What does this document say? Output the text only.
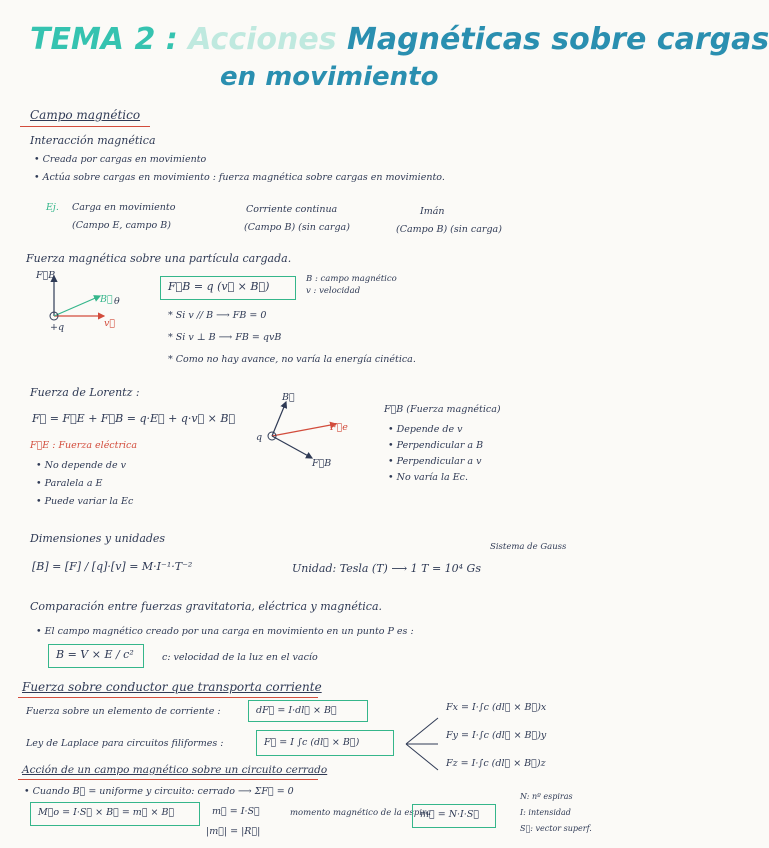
TEMA 2 : Acciones Magnéticas sobre cargas
en movimiento
Campo magnético
Interacción magnética
• Creada por cargas en movimiento
• Actúa sobre cargas en movimiento : fuerza magnética sobre cargas en movimiento.
Ej. Carga en movimiento
(Campo E, campo B)
Corriente continua
(Campo B) (sin carga)
Imán
(Campo B) (sin carga)
Fuerza magnética sobre una partícula cargada.
F⃗B
B⃗ θ
v⃗
+q
F⃗B = q (v⃗ × B⃗)
B : campo magnético
v : velocidad
* Si v // B ⟶ FB = 0
* Si v ⊥ B ⟶ FB = qvB
* Como no hay avance, no varía la energía cinética.
Fuerza de Lorentz :
F⃗ = F⃗E + F⃗B = q·E⃗ + q·v⃗ × B⃗
F⃗E : Fuerza eléctrica
• No depende de v
• Paralela a E
• Puede variar la Ec
B⃗
F⃗e
F⃗B
q
F⃗B (Fuerza magnética)
• Depende de v
• Perpendicular a B
• Perpendicular a v
• No varía la Ec.
Dimensiones y unidades
Sistema de Gauss
[B] = [F] / [q]·[v] = M·I⁻¹·T⁻²	Unidad: Tesla (T) ⟶ 1 T = 10⁴ Gs
Comparación entre fuerzas gravitatoria, eléctrica y magnética.
• El campo magnético creado por una carga en movimiento en un punto P es :
B = V × E / c²	c: velocidad de la luz en el vacío
Fuerza sobre conductor que transporta corriente
Fuerza sobre un elemento de corriente :	dF⃗ = I·dl⃗ × B⃗
Ley de Laplace para circuitos filiformes :	F⃗ = I ∫c (dl⃗ × B⃗)
Fx = I·∫c (dl⃗ × B⃗)x
Fy = I·∫c (dl⃗ × B⃗)y
Fz = I·∫c (dl⃗ × B⃗)z
Acción de un campo magnético sobre un circuito cerrado
• Cuando B⃗ = uniforme y circuito: cerrado ⟶ ΣF⃗ = 0
M⃗o = I·S⃗ × B⃗ = m⃗ × B⃗	m⃗ = I·S⃗
|m⃗| = |R⃗|
momento magnético de la espira
m⃗ = N·I·S⃗
N: nº espiras
I: intensidad
S⃗: vector superf.
